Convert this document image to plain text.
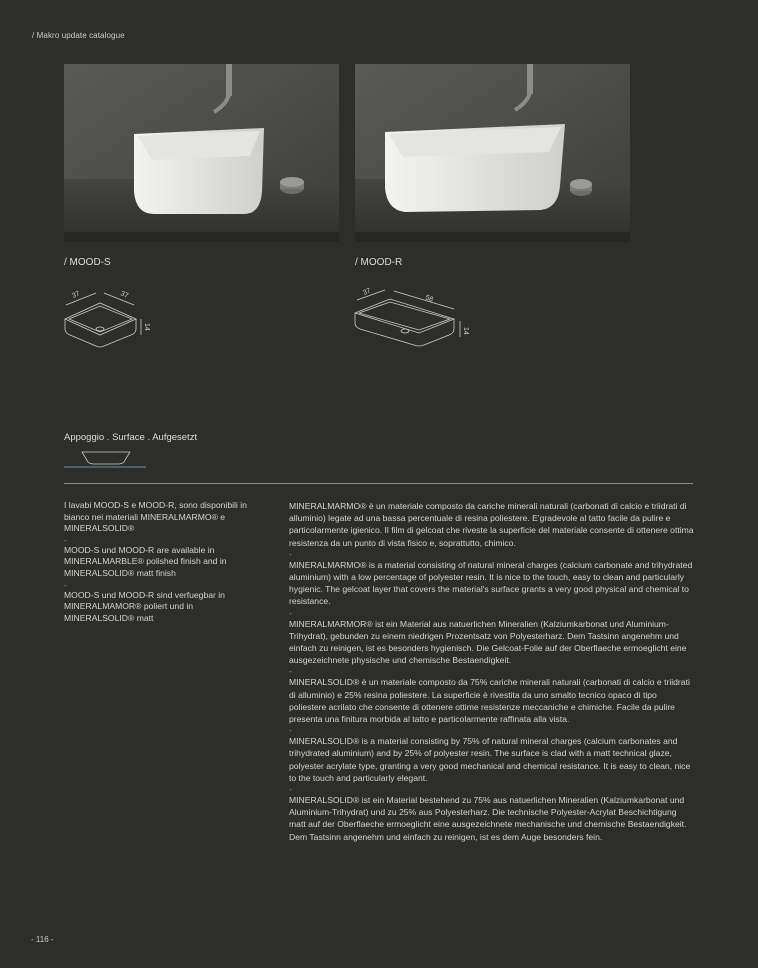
/ Makro update catalogue
/ MOOD-S	/ MOOD-R
37	37
14
37
58
14
Appoggio . Surface . Aufgesetzt

I lavabi MOOD-S e MOOD-R, sono disponibili in bianco nei materiali MINERALMARMO® e MINERALSOLID®

-

MOOD-S und MOOD-R are available in MINERALMARBLE® polished finish and in MINERALSOLID® matt finish

-

MOOD-S und MOOD-R sind verfuegbar in MINERALMAMOR® poliert und in MINERALSOLID® matt

MINERALMARMO® è un materiale composto da cariche minerali naturali (carbonati di calcio e triidrati di alluminio) legate ad una bassa percentuale di resina poliestere. E'gradevole al tatto facile da pulire e particolarmente igienico. Il film di gelcoat che riveste la superficie del materiale consente di ottenere ottima resistenza da un punto di vista fisico e, soprattutto, chimico.

-

MINERALMARMO® is a material consisting of natural mineral charges (calcium carbonate and trihydrated aluminium) with a low percentage of polyester resin. It is nice to the touch, easy to clean and particularly hygienic. The gelcoat layer that covers the material's surface grants a very good physical and chemical to resistance.

-

MINERALMARMOR® ist ein Material aus natuerlichen Mineralien (Kalziumkarbonat und Aluminium-Trihydrat), gebunden zu einem niedrigen Prozentsatz von Polyesterharz. Dem Tastsinn angenehm und einfach zu reinigen, ist es besonders hygienisch. Die Gelcoat-Folie auf der Oberflaeche ermoeglicht eine ausgezeichnete physische und chemische Bestaendigkeit.

-

MINERALSOLID® è un materiale composto da 75% cariche minerali naturali (carbonati di calcio e triidrati di alluminio) e 25% resina poliestere. La superficie è rivestita da uno smalto tecnico opaco di tipo poliestere acrilato che consente di ottenere ottime resistenze meccaniche e chimiche. Facile da pulire presenta una finitura morbida al tatto e particolarmente raffinata alla vista.

-

MINERALSOLID® is a material consisting by 75% of natural mineral charges (calcium carbonates and trihydrated aluminium) and by 25% of polyester resin. The surface is clad with a matt technical glaze, polyester acrylate type, granting a very good mechanical and chemical resistance. It is easy to clean, nice to the touch and particularly elegant.

-

MINERALSOLID® ist ein Material bestehend zu 75% aus natuerlichen Mineralien (Kalziumkarbonat und Aluminium-Trihydrat) und zu 25% aus Polyesterharz. Die technische Polyester-Acrylat Beschichtigung matt auf der Oberflaeche ermoeglicht eine ausgezeichnete mechanische und chemische Bestaendigkeit. Dem Tastsinn angenehm und einfach zu reinigen, ist es dem Auge besonders fein.

- 116 -
